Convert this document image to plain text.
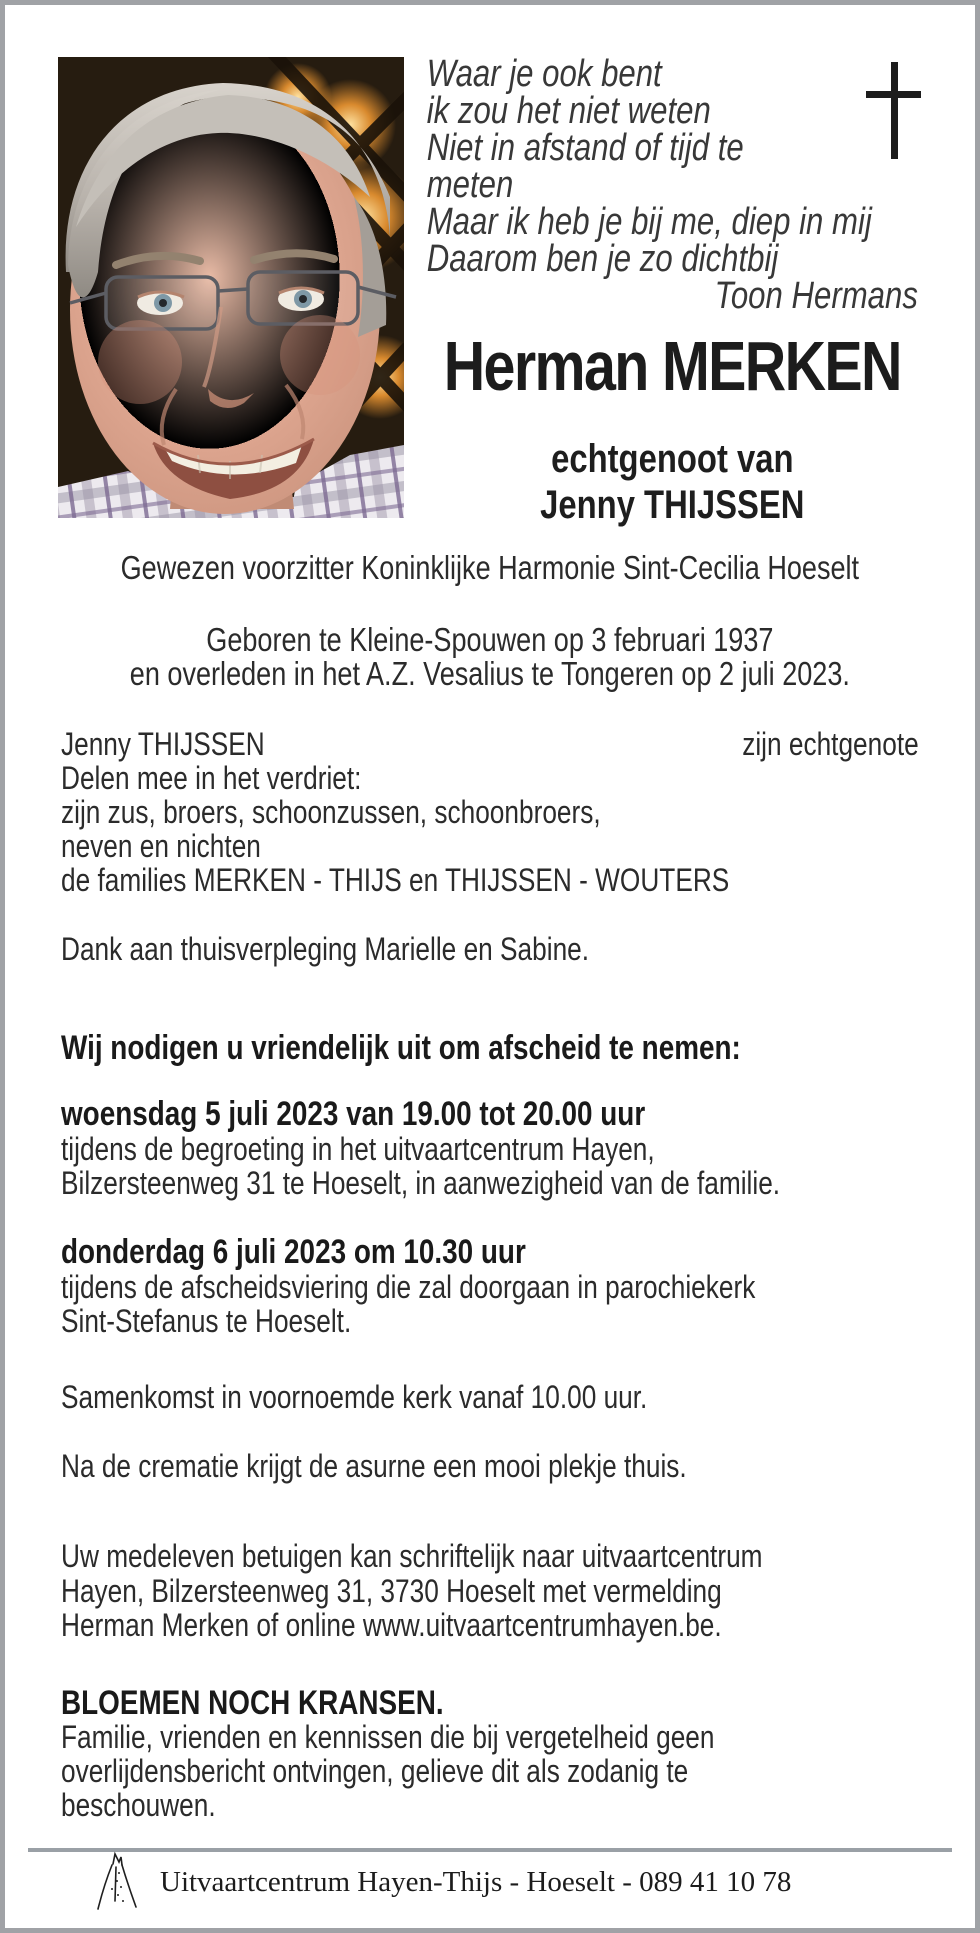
Waar je ook bent
ik zou het niet weten
Niet in afstand of tijd te
meten
Maar ik heb je bij me, diep in mij
Daarom ben je zo dichtbij
Toon Hermans
Herman MERKEN
echtgenoot van
Jenny THIJSSEN
Gewezen voorzitter Koninklijke Harmonie Sint-Cecilia Hoeselt
Geboren te Kleine-Spouwen op 3 februari 1937
en overleden in het A.Z. Vesalius te Tongeren op 2 juli 2023.
Jenny THIJSSEN	zijn echtgenote
Delen mee in het verdriet:
zijn zus, broers, schoonzussen, schoonbroers,
neven en nichten
de families MERKEN - THIJS en THIJSSEN - WOUTERS
Dank aan thuisverpleging Marielle en Sabine.
Wij nodigen u vriendelijk uit om afscheid te nemen:
woensdag 5 juli 2023 van 19.00 tot 20.00 uur
tijdens de begroeting in het uitvaartcentrum Hayen,
Bilzersteenweg 31 te Hoeselt, in aanwezigheid van de familie.
donderdag 6 juli 2023 om 10.30 uur
tijdens de afscheidsviering die zal doorgaan in parochiekerk
Sint-Stefanus te Hoeselt.
Samenkomst in voornoemde kerk vanaf 10.00 uur.
Na de crematie krijgt de asurne een mooi plekje thuis.
Uw medeleven betuigen kan schriftelijk naar uitvaartcentrum
Hayen, Bilzersteenweg 31, 3730 Hoeselt met vermelding
Herman Merken of online www.uitvaartcentrumhayen.be.
BLOEMEN NOCH KRANSEN.
Familie, vrienden en kennissen die bij vergetelheid geen
overlijdensbericht ontvingen, gelieve dit als zodanig te
beschouwen.
Uitvaartcentrum Hayen-Thijs - Hoeselt - 089 41 10 78
